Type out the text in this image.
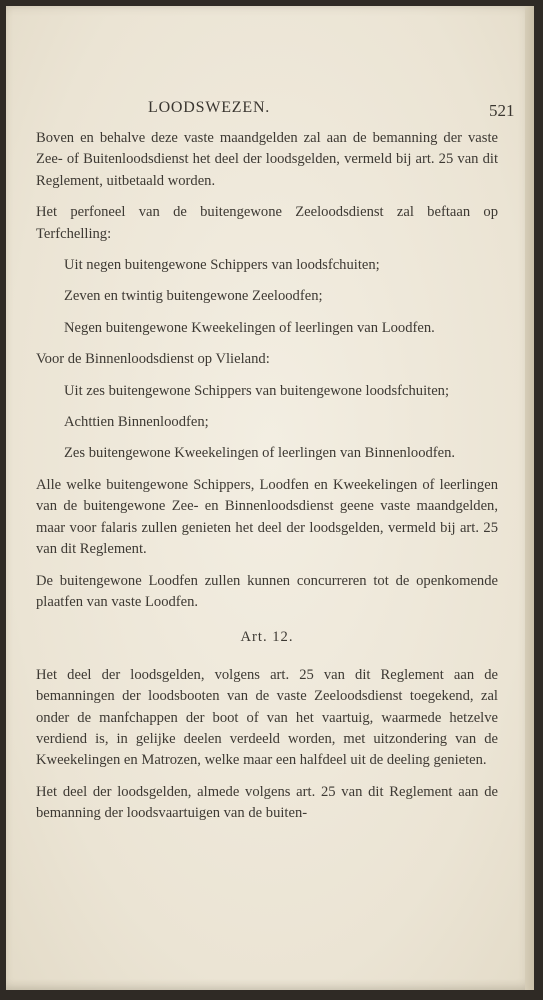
LOODSWEZEN.	521

Boven en behalve deze vaste maandgelden zal aan de bemanning der vaste Zee- of Buitenloodsdienst het deel der loodsgelden, vermeld bij art. 25 van dit Reglement, uitbetaald worden.

Het perfoneel van de buitengewone Zeeloodsdienst zal beftaan op Terfchelling:

Uit negen buitengewone Schippers van loodsfchuiten;

Zeven en twintig buitengewone Zeeloodfen;

Negen buitengewone Kweekelingen of leerlingen van Loodfen.

Voor de Binnenloodsdienst op Vlieland:

Uit zes buitengewone Schippers van buitengewone loodsfchuiten;

Achttien Binnenloodfen;

Zes buitengewone Kweekelingen of leerlingen van Binnenloodfen.

Alle welke buitengewone Schippers, Loodfen en Kweekelingen of leerlingen van de buitengewone Zee- en Binnenloodsdienst geene vaste maandgelden, maar voor falaris zullen genieten het deel der loodsgelden, vermeld bij art. 25 van dit Reglement.

De buitengewone Loodfen zullen kunnen concurreren tot de openkomende plaatfen van vaste Loodfen.

Art. 12.

Het deel der loodsgelden, volgens art. 25 van dit Reglement aan de bemanningen der loodsbooten van de vaste Zeeloodsdienst toegekend, zal onder de manfchappen der boot of van het vaartuig, waarmede hetzelve verdiend is, in gelijke deelen verdeeld worden, met uitzondering van de Kweekelingen en Matrozen, welke maar een halfdeel uit de deeling genieten.

Het deel der loodsgelden, almede volgens art. 25 van dit Reglement aan de bemanning der loodsvaartuigen van de buiten-
